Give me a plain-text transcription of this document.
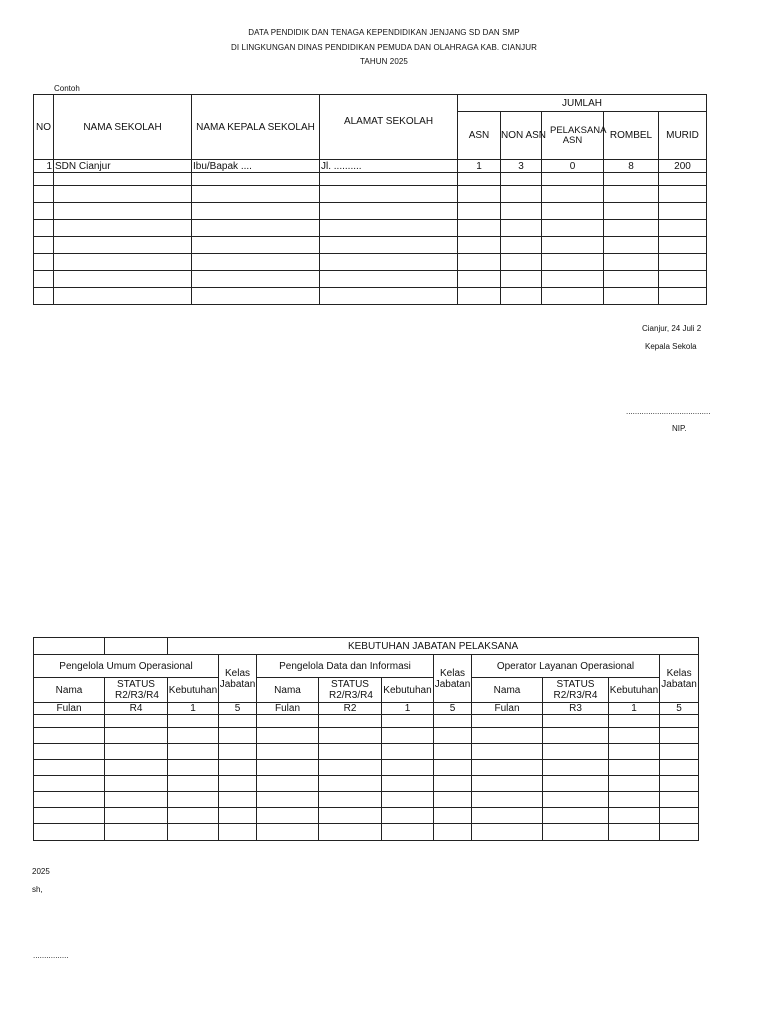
DATA PENDIDIK DAN TENAGA KEPENDIDIKAN JENJANG SD DAN SMP
DI LINGKUNGAN DINAS PENDIDIKAN PEMUDA DAN OLAHRAGA KAB. CIANJUR
TAHUN 2025
Contoh
NO	NAMA SEKOLAH	NAMA KEPALA SEKOLAH	ALAMAT SEKOLAH	JUMLAH				
				ASN	NON ASN	PELAKSANA ASN	ROMBEL	MURID
1	SDN Cianjur	Ibu/Bapak ....	Jl. ..........	1	3	0	8	200

Cianjur, 24 Juli 2
Kepala Sekola
......................................
NIP.
		KEBUTUHAN JABATAN PELAKSANA									
Pengelola Umum Operasional			Kelas Jabatan	Pengelola Data dan Informasi			Kelas Jabatan	Operator Layanan Operasional			Kelas Jabatan
Nama	STATUS R2/R3/R4	Kebutuhan		Nama	STATUS R2/R3/R4	Kebutuhan		Nama	STATUS R2/R3/R4	Kebutuhan	
Fulan	R4	1	5	Fulan	R2	1	5	Fulan	R3	1	5

2025
sh,
................
